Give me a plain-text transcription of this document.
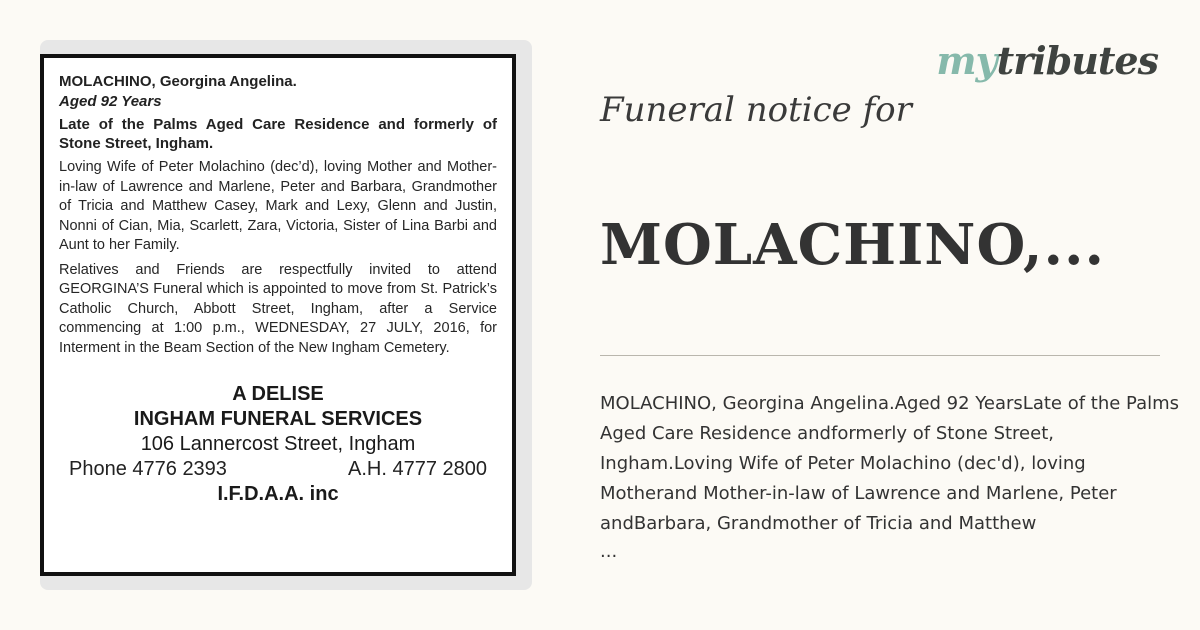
MOLACHINO, Georgina Angelina.
Aged 92 Years
Late of the Palms Aged Care Residence and formerly of Stone Street, Ingham.
Loving Wife of Peter Molachino (dec’d), loving Mother and Mother-in-law of Lawrence and Marlene, Peter and Barbara, Grandmother of Tricia and Matthew Casey, Mark and Lexy, Glenn and Justin, Nonni of Cian, Mia, Scarlett, Zara, Victoria, Sister of Lina Barbi and Aunt to her Family.
Relatives and Friends are respectfully invited to attend GEORGINA’S Funeral which is appointed to move from St. Patrick’s Catholic Church, Abbott Street, Ingham, after a Service commencing at 1:00 p.m., WEDNESDAY, 27 JULY, 2016, for Interment in the Beam Section of the New Ingham Cemetery.
A DELISE
INGHAM FUNERAL SERVICES
106 Lannercost Street, Ingham
Phone 4776 2393	A.H. 4777 2800
I.F.D.A.A. inc
mytributes
Funeral notice for
MOLACHINO,...
MOLACHINO, Georgina Angelina.Aged 92 YearsLate of the Palms Aged Care Residence andformerly of Stone Street, Ingham.Loving Wife of Peter Molachino (dec'd), loving Motherand Mother-in-law of Lawrence and Marlene, Peter andBarbara, Grandmother of Tricia and Matthew
...
